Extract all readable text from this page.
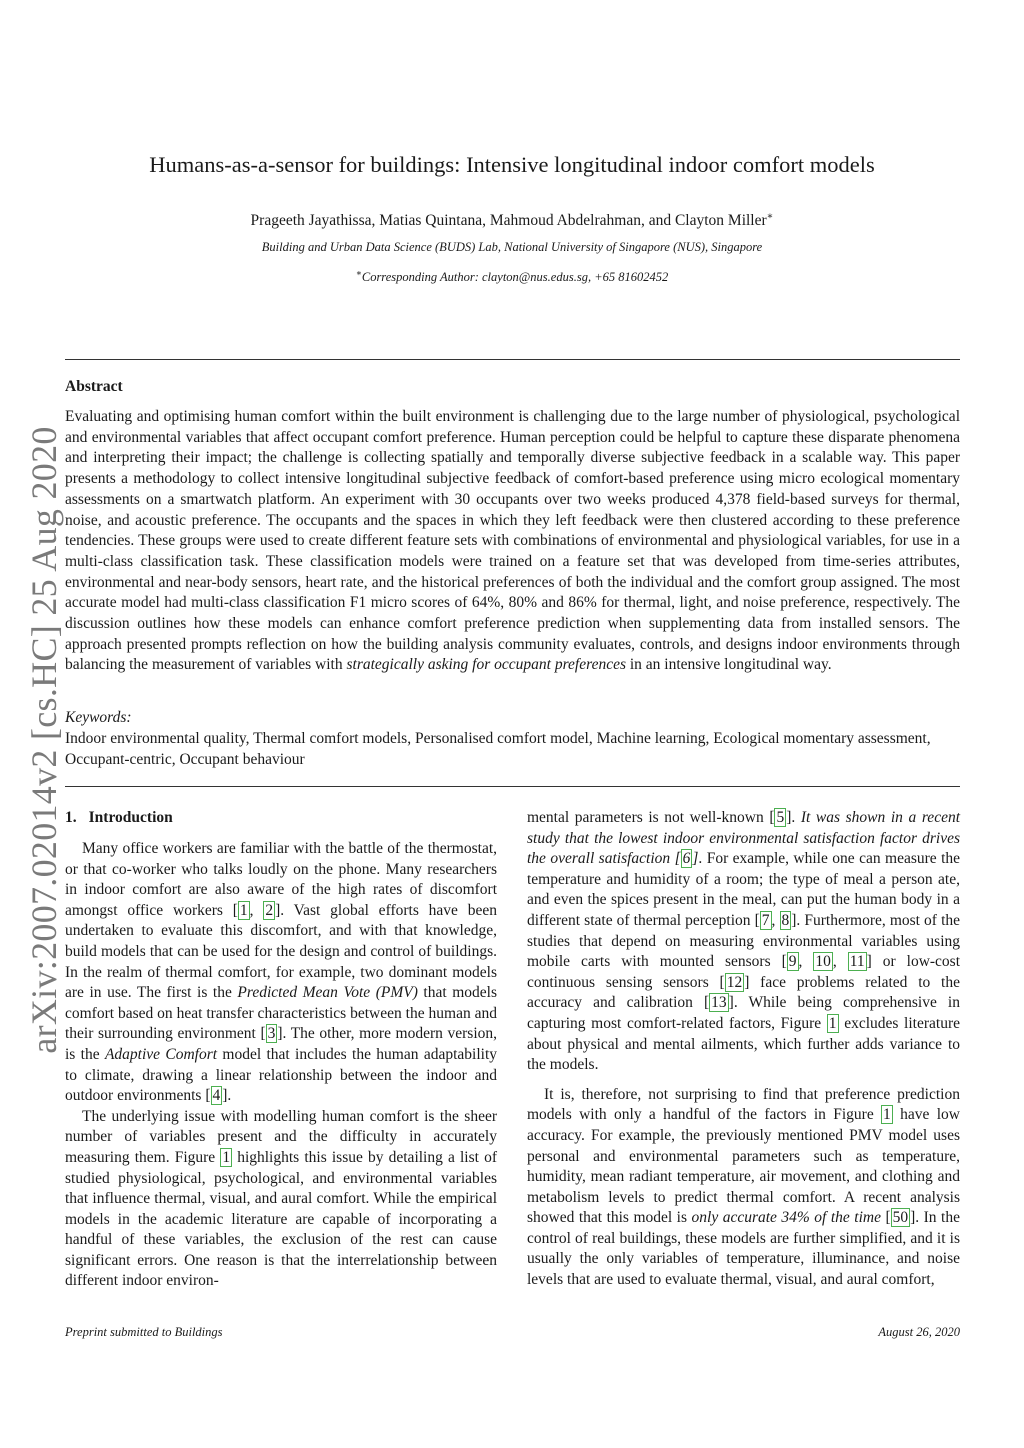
arXiv:2007.02014v2 [cs.HC] 25 Aug 2020
Humans-as-a-sensor for buildings: Intensive longitudinal indoor comfort models
Prageeth Jayathissa, Matias Quintana, Mahmoud Abdelrahman, and Clayton Miller∗
Building and Urban Data Science (BUDS) Lab, National University of Singapore (NUS), Singapore
∗Corresponding Author: clayton@nus.edus.sg, +65 81602452
Abstract
Evaluating and optimising human comfort within the built environment is challenging due to the large number of physiological, psychological and environmental variables that affect occupant comfort preference. Human perception could be helpful to capture these disparate phenomena and interpreting their impact; the challenge is collecting spatially and temporally diverse subjective feedback in a scalable way. This paper presents a methodology to collect intensive longitudinal subjective feedback of comfort-based preference using micro ecological momentary assessments on a smartwatch platform. An experiment with 30 occupants over two weeks produced 4,378 field-based surveys for thermal, noise, and acoustic preference. The occupants and the spaces in which they left feedback were then clustered according to these preference tendencies. These groups were used to create different feature sets with combinations of environmental and physiological variables, for use in a multi-class classification task. These classification models were trained on a feature set that was developed from time-series attributes, environmental and near-body sensors, heart rate, and the historical preferences of both the individual and the comfort group assigned. The most accurate model had multi-class classification F1 micro scores of 64%, 80% and 86% for thermal, light, and noise preference, respectively. The discussion outlines how these models can enhance comfort preference prediction when supplementing data from installed sensors. The approach presented prompts reflection on how the building analysis community evaluates, controls, and designs indoor environments through balancing the measurement of variables with strategically asking for occupant preferences in an intensive longitudinal way.
Keywords:
Indoor environmental quality, Thermal comfort models, Personalised comfort model, Machine learning, Ecological momentary assessment, Occupant-centric, Occupant behaviour
1. Introduction

Many office workers are familiar with the battle of the thermostat, or that co-worker who talks loudly on the phone. Many researchers in indoor comfort are also aware of the high rates of discomfort amongst office workers [ 1 , 2 ]. Vast global efforts have been undertaken to evaluate this discomfort, and with that knowledge, build models that can be used for the design and control of buildings. In the realm of thermal comfort, for example, two dominant models are in use. The first is the Predicted Mean Vote (PMV) that models comfort based on heat transfer characteristics between the human and their surrounding environment [ 3 ]. The other, more modern version, is the Adaptive Comfort model that includes the human adaptability to climate, drawing a linear relationship between the indoor and outdoor environments [ 4 ].

The underlying issue with modelling human comfort is the sheer number of variables present and the difficulty in accurately measuring them. Figure 1 highlights this issue by detailing a list of studied physiological, psychological, and environmental variables that influence thermal, visual, and aural comfort. While the empirical models in the academic literature are capable of incorporating a handful of these variables, the exclusion of the rest can cause significant errors. One reason is that the interrelationship between different indoor environ-

mental parameters is not well-known [ 5 ]. It was shown in a recent study that the lowest indoor environmental satisfaction factor drives the overall satisfaction [ 6 ]. For example, while one can measure the temperature and humidity of a room; the type of meal a person ate, and even the spices present in the meal, can put the human body in a different state of thermal perception [ 7 , 8 ]. Furthermore, most of the studies that depend on measuring environmental variables using mobile carts with mounted sensors [ 9 , 10 , 11 ] or low-cost continuous sensing sensors [ 12 ] face problems related to the accuracy and calibration [ 13 ]. While being comprehensive in capturing most comfort-related factors, Figure 1 excludes literature about physical and mental ailments, which further adds variance to the models.

It is, therefore, not surprising to find that preference prediction models with only a handful of the factors in Figure 1 have low accuracy. For example, the previously mentioned PMV model uses personal and environmental parameters such as temperature, humidity, mean radiant temperature, air movement, and clothing and metabolism levels to predict thermal comfort. A recent analysis showed that this model is only accurate 34% of the time [ 50 ]. In the control of real buildings, these models are further simplified, and it is usually the only variables of temperature, illuminance, and noise levels that are used to evaluate thermal, visual, and aural comfort,

Preprint submitted to Buildings	August 26, 2020
